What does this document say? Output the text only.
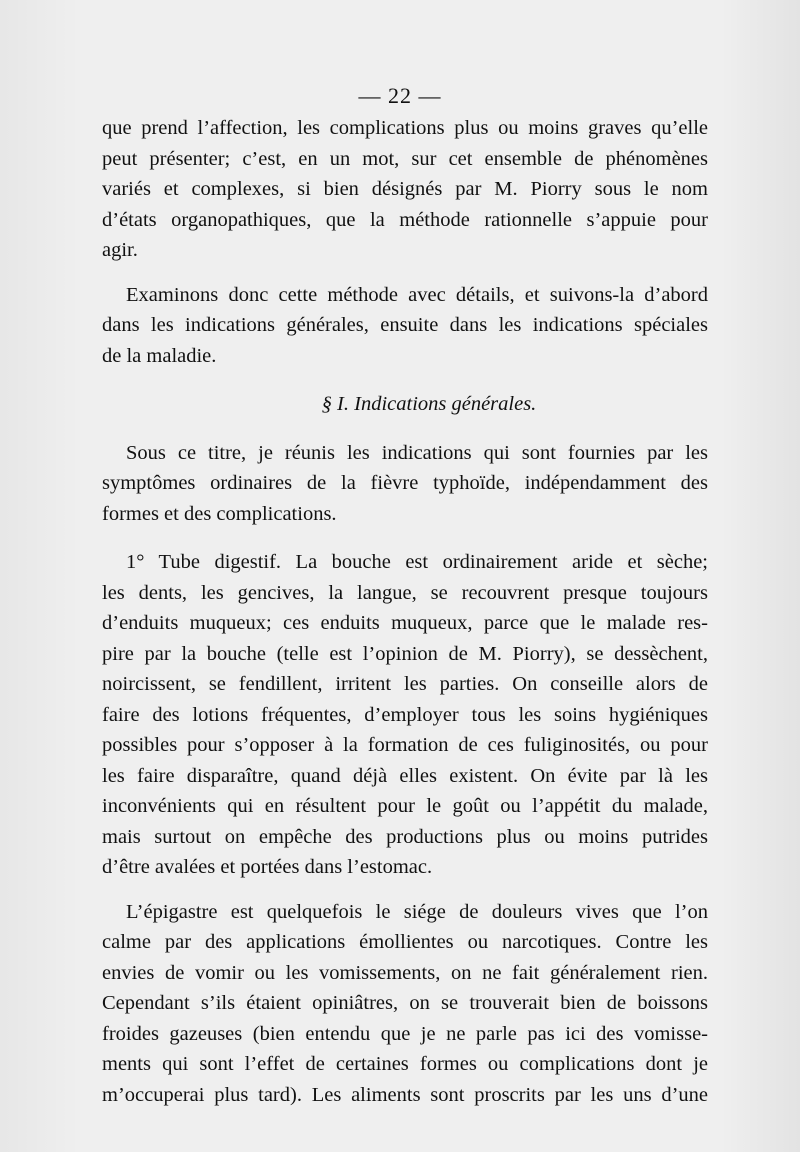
— 22 —
que prend l’affection, les complications plus ou moins graves qu’elle
peut présenter; c’est, en un mot, sur cet ensemble de phénomènes
variés et complexes, si bien désignés par M. Piorry sous le nom
d’états organopathiques, que la méthode rationnelle s’appuie pour
agir.
Examinons donc cette méthode avec détails, et suivons-la d’abord
dans les indications générales, ensuite dans les indications spéciales
de la maladie.
§ I. Indications générales.
Sous ce titre, je réunis les indications qui sont fournies par les
symptômes ordinaires de la fièvre typhoïde, indépendamment des
formes et des complications.
1° Tube digestif. La bouche est ordinairement aride et sèche;
les dents, les gencives, la langue, se recouvrent presque toujours
d’enduits muqueux; ces enduits muqueux, parce que le malade res-
pire par la bouche (telle est l’opinion de M. Piorry), se dessèchent,
noircissent, se fendillent, irritent les parties. On conseille alors de
faire des lotions fréquentes, d’employer tous les soins hygiéniques
possibles pour s’opposer à la formation de ces fuliginosités, ou pour
les faire disparaître, quand déjà elles existent. On évite par là les
inconvénients qui en résultent pour le goût ou l’appétit du malade,
mais surtout on empêche des productions plus ou moins putrides
d’être avalées et portées dans l’estomac.
L’épigastre est quelquefois le siége de douleurs vives que l’on
calme par des applications émollientes ou narcotiques. Contre les
envies de vomir ou les vomissements, on ne fait généralement rien.
Cependant s’ils étaient opiniâtres, on se trouverait bien de boissons
froides gazeuses (bien entendu que je ne parle pas ici des vomisse-
ments qui sont l’effet de certaines formes ou complications dont je
m’occuperai plus tard). Les aliments sont proscrits par les uns d’une
